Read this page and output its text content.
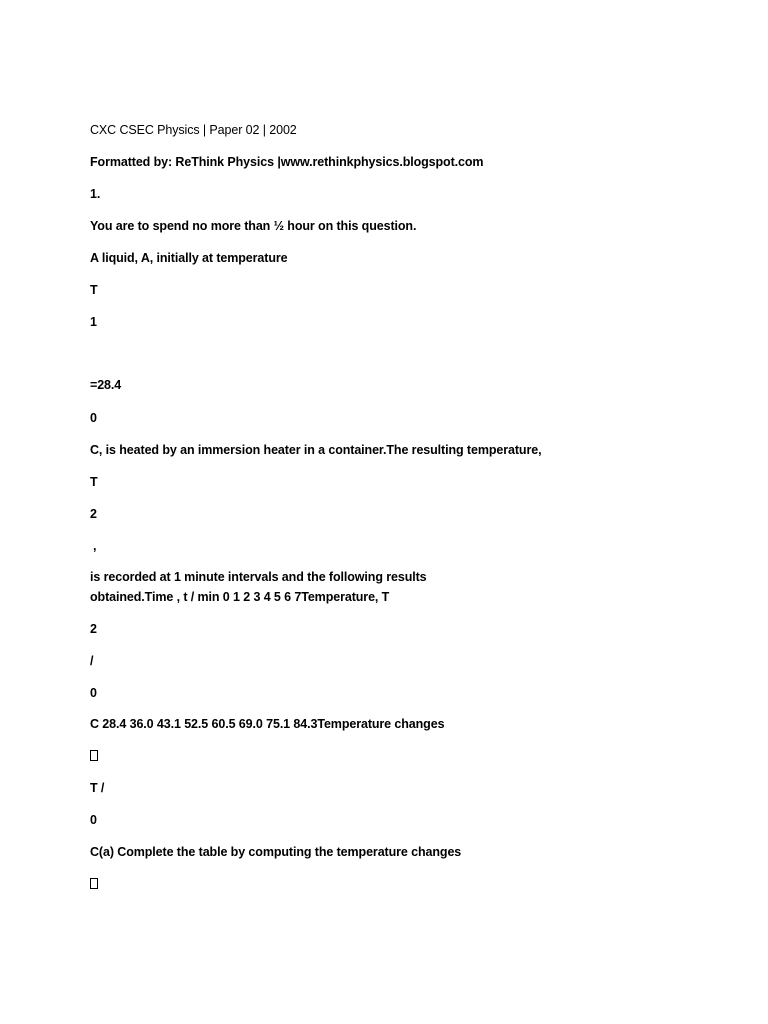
CXC CSEC Physics | Paper 02 | 2002
Formatted by: ReThink Physics |www.rethinkphysics.blogspot.com
1.
You are to spend no more than ½ hour on this question.
A liquid, A, initially at temperature
T
1
=28.4
0
C, is heated by an immersion heater in a container.The resulting temperature,
T
2
,
is recorded at 1 minute intervals and the following results
obtained.Time , t / min 0 1 2 3 4 5 6 7Temperature, T
2
/
0
C 28.4 36.0 43.1 52.5 60.5 69.0 75.1 84.3Temperature changes
T /
0
C(a) Complete the table by computing the temperature changes
